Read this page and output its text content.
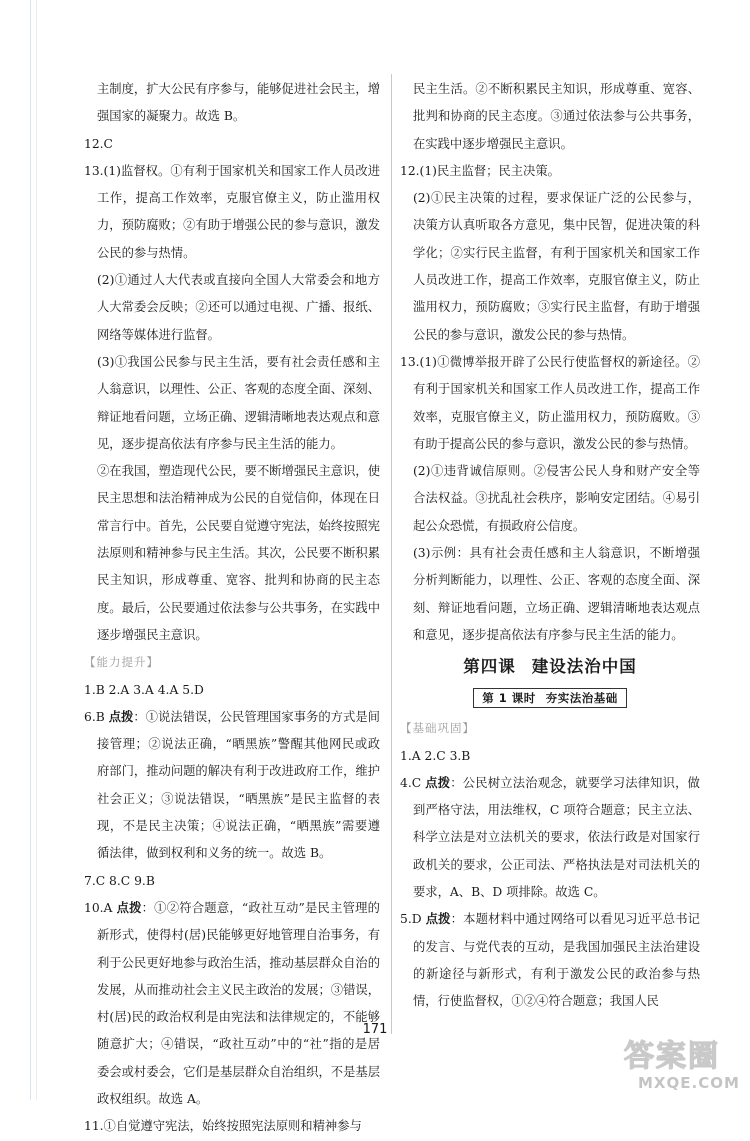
主制度，扩大公民有序参与，能够促进社会民主，增强国家的凝聚力。故选 B。

12.C

13.(1)监督权。①有利于国家机关和国家工作人员改进工作，提高工作效率，克服官僚主义，防止滥用权力，预防腐败；②有助于增强公民的参与意识，激发公民的参与热情。

(2)①通过人大代表或直接向全国人大常委会和地方人大常委会反映；②还可以通过电视、广播、报纸、网络等媒体进行监督。

(3)①我国公民参与民主生活，要有社会责任感和主人翁意识，以理性、公正、客观的态度全面、深刻、辩证地看问题，立场正确、逻辑清晰地表达观点和意见，逐步提高依法有序参与民主生活的能力。

②在我国，塑造现代公民，要不断增强民主意识，使民主思想和法治精神成为公民的自觉信仰，体现在日常言行中。首先，公民要自觉遵守宪法，始终按照宪法原则和精神参与民主生活。其次，公民要不断积累民主知识，形成尊重、宽容、批判和协商的民主态度。最后，公民要通过依法参与公共事务，在实践中逐步增强民主意识。

【能力提升】

1.B 2.A 3.A 4.A 5.D

6.B 点拨：①说法错误，公民管理国家事务的方式是间接管理；②说法正确，“晒黑族”警醒其他网民或政府部门，推动问题的解决有利于改进政府工作，维护社会正义；③说法错误，“晒黑族”是民主监督的表现，不是民主决策；④说法正确，“晒黑族”需要遵循法律，做到权利和义务的统一。故选 B。

7.C 8.C 9.B

10.A 点拨：①②符合题意，“政社互动”是民主管理的新形式，使得村(居)民能够更好地管理自治事务，有利于公民更好地参与政治生活，推动基层群众自治的发展，从而推动社会主义民主政治的发展；③错误，村(居)民的政治权利是由宪法和法律规定的，不能够随意扩大；④错误，“政社互动”中的“社”指的是居委会或村委会，它们是基层群众自治组织，不是基层政权组织。故选 A。

11.①自觉遵守宪法，始终按照宪法原则和精神参与

民主生活。②不断积累民主知识，形成尊重、宽容、批判和协商的民主态度。③通过依法参与公共事务，在实践中逐步增强民主意识。

12.(1)民主监督；民主决策。

(2)①民主决策的过程，要求保证广泛的公民参与，决策方认真听取各方意见，集中民智，促进决策的科学化；②实行民主监督，有利于国家机关和国家工作人员改进工作，提高工作效率，克服官僚主义，防止滥用权力，预防腐败；③实行民主监督，有助于增强公民的参与意识，激发公民的参与热情。

13.(1)①微博举报开辟了公民行使监督权的新途径。②有利于国家机关和国家工作人员改进工作，提高工作效率，克服官僚主义，防止滥用权力，预防腐败。③有助于提高公民的参与意识，激发公民的参与热情。

(2)①违背诚信原则。②侵害公民人身和财产安全等合法权益。③扰乱社会秩序，影响安定团结。④易引起公众恐慌，有损政府公信度。

(3)示例：具有社会责任感和主人翁意识，不断增强分析判断能力，以理性、公正、客观的态度全面、深刻、辩证地看问题，立场正确、逻辑清晰地表达观点和意见，逐步提高依法有序参与民主生活的能力。

第四课 建设法治中国

第 1 课时 夯实法治基础

【基础巩固】

1.A 2.C 3.B

4.C 点拨：公民树立法治观念，就要学习法律知识，做到严格守法，用法维权，C 项符合题意；民主立法、科学立法是对立法机关的要求，依法行政是对国家行政机关的要求，公正司法、严格执法是对司法机关的要求，A、B、D 项排除。故选 C。

5.D 点拨：本题材料中通过网络可以看见习近平总书记的发言、与党代表的互动，是我国加强民主法治建设的新途径与新形式，有利于激发公民的政治参与热情，行使监督权，①②④符合题意；我国人民

171
答案圈
MXQE.COM
